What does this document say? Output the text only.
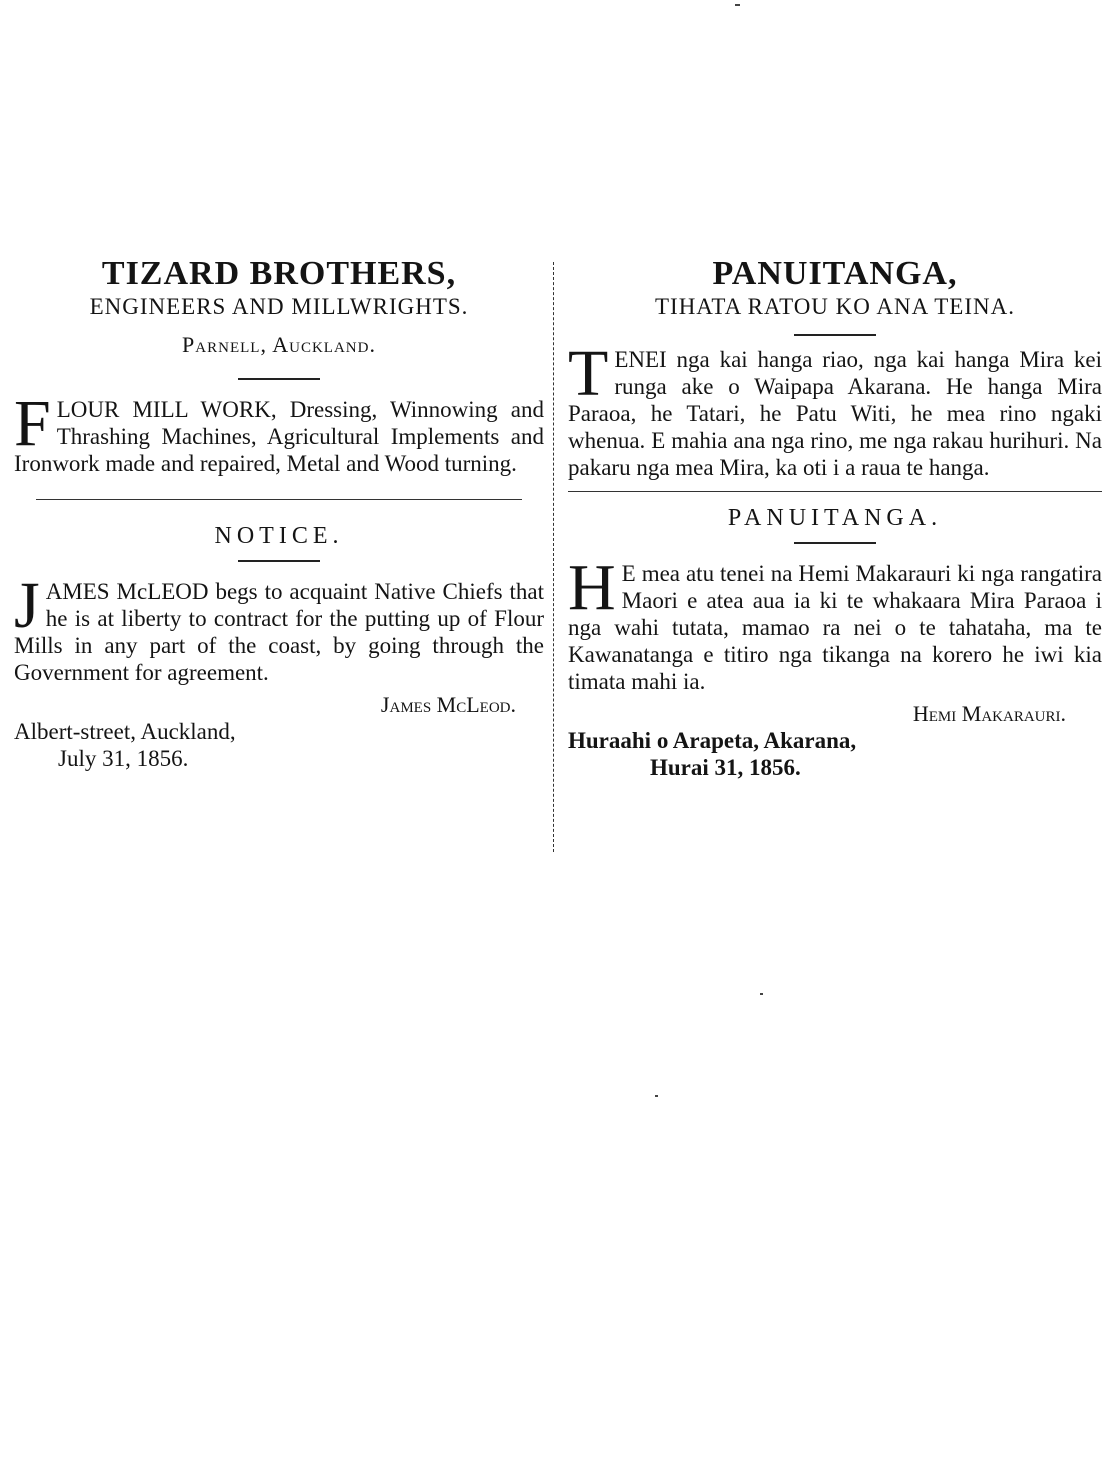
TIZARD BROTHERS,
ENGINEERS AND MILLWRIGHTS.
Parnell, Auckland.
F LOUR MILL WORK, Dressing, Winnowing and Thrashing Machines, Agricultural Implements and Ironwork made and repaired, Metal and Wood turning.
NOTICE.
J AMES McLEOD begs to acquaint Native Chiefs that he is at liberty to contract for the putting up of Flour Mills in any part of the coast, by going through the Government for agreement.
James McLeod.
Albert-street, Auckland,
July 31, 1856.
PANUITANGA,
TIHATA RATOU KO ANA TEINA.
T ENEI nga kai hanga riao, nga kai hanga Mira kei runga ake o Waipapa Akarana. He hanga Mira Paraoa, he Tatari, he Patu Witi, he mea rino ngaki whenua. E mahia ana nga rino, me nga rakau hurihuri. Na pakaru nga mea Mira, ka oti i a raua te hanga.
PANUITANGA.
H E mea atu tenei na Hemi Makarauri ki nga rangatira Maori e atea aua ia ki te whakaara Mira Paraoa i nga wahi tutata, mamao ra nei o te tahataha, ma te Kawanatanga e titiro nga tikanga na korero he iwi kia timata mahi ia.
Hemi Makarauri.
Huraahi o Arapeta, Akarana,
Hurai 31, 1856.
